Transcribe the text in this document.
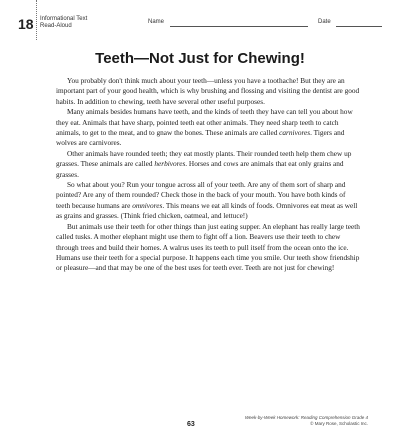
18 Informational Text
Read-Aloud
Name	Date
Teeth—Not Just for Chewing!

You probably don't think much about your teeth—unless you have a toothache! But they are an important part of your good health, which is why brushing and flossing and visiting the dentist are good habits. In addition to chewing, teeth have several other useful purposes.

Many animals besides humans have teeth, and the kinds of teeth they have can tell you about how they eat. Animals that have sharp, pointed teeth eat other animals. They need sharp teeth to catch animals, to get to the meat, and to gnaw the bones. These animals are called carnivores. Tigers and wolves are carnivores.

Other animals have rounded teeth; they eat mostly plants. Their rounded teeth help them chew up grasses. These animals are called herbivores. Horses and cows are animals that eat only grains and grasses.

So what about you? Run your tongue across all of your teeth. Are any of them sort of sharp and pointed? Are any of them rounded? Check those in the back of your mouth. You have both kinds of teeth because humans are omnivores. This means we eat all kinds of foods. Omnivores eat meat as well as grains and grasses. (Think fried chicken, oatmeal, and lettuce!)

But animals use their teeth for other things than just eating supper. An elephant has really large teeth called tusks. A mother elephant might use them to fight off a lion. Beavers use their teeth to chew through trees and build their homes. A walrus uses its teeth to pull itself from the ocean onto the ice. Humans use their teeth for a special purpose. It happens each time you smile. Our teeth show friendship or pleasure—and that may be one of the best uses for teeth ever. Teeth are not just for chewing!

63
Week-by-Week Homework: Reading Comprehension Grade 4
© Mary Rose, Scholastic Inc.
